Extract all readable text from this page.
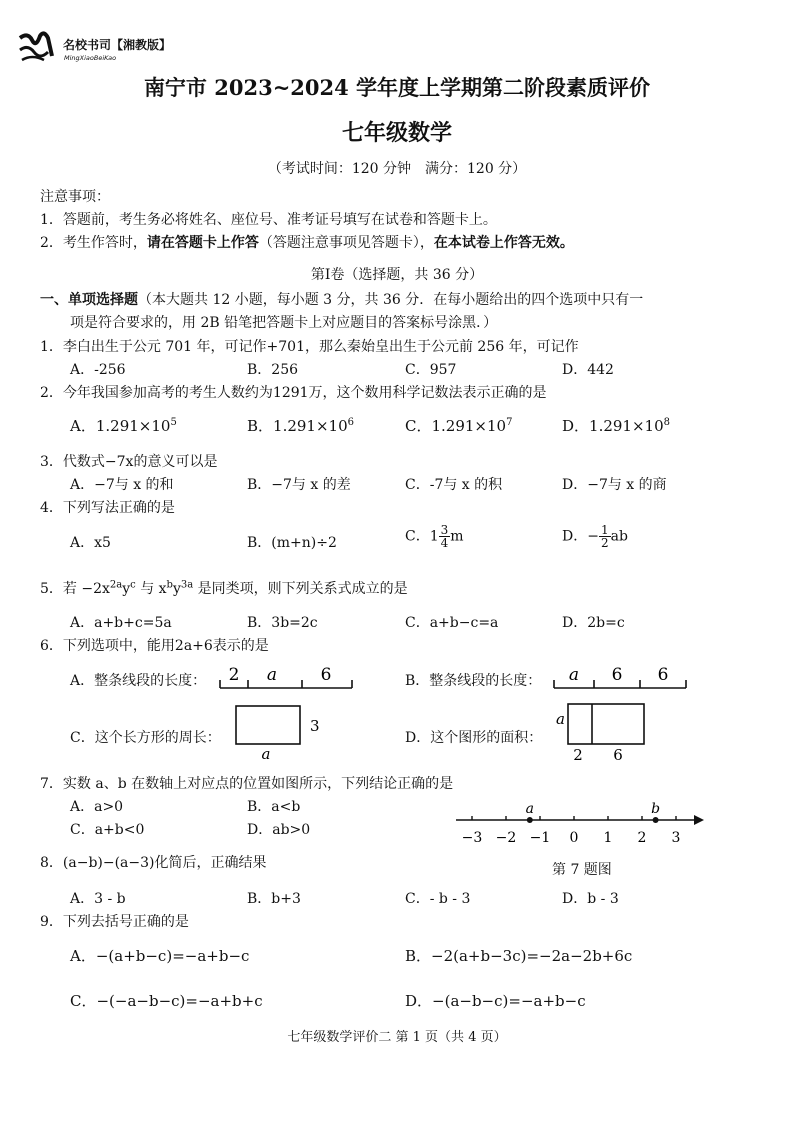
名校书司【湘教版】
MingXiaoBeiKao
南宁市 2023~2024 学年度上学期第二阶段素质评价
七年级数学
（考试时间：120 分钟　满分：120 分）
注意事项：
1．答题前，考生务必将姓名、座位号、准考证号填写在试卷和答题卡上。
2．考生作答时，请在答题卡上作答（答题注意事项见答题卡），在本试卷上作答无效。
第Ⅰ卷（选择题，共 36 分）
一、单项选择题（本大题共 12 小题，每小题 3 分，共 36 分．在每小题给出的四个选项中只有一
项是符合要求的，用 2B 铅笔把答题卡上对应题目的答案标号涂黑．）
1．李白出生于公元 701 年，可记作+701，那么秦始皇出生于公元前 256 年，可记作
A．-256	B．256	C．957	D．442
2．今年我国参加高考的考生人数约为1291万，这个数用科学记数法表示正确的是
A．$1.291\times 10^5$	B．$1.291\times 10^6$	C．$1.291\times 10^7$	D．$1.291\times 10^8$
3．代数式−7x的意义可以是
A．−7与 x 的和	B．−7与 x 的差	C．-7与 x 的积	D．−7与 x 的商
4．下列写法正确的是
A．x5	B．(m+n)÷2	C．$1 \frac{3}{4}$ m	D．− $\frac{1}{2}$ ab
5．若 $-2x^{2a}y^c$ 与 $x^by^{3a}$ 是同类项，则下列关系式成立的是
A．a+b+c=5a	B．3b=2c	C．a+b−c=a	D．2b=c
6．下列选项中，能用2a+6表示的是
A．整条线段的长度： 2 a	6	B．整条线段的长度： a 6 6
C．这个长方形的周长：
3
a
D．这个图形的面积：
a
2 6
7．实数 a、b 在数轴上对应点的位置如图所示，下列结论正确的是
A．a>0	B．a<b
C．a+b<0	D．ab>0	−3 −2 −1 0 1 2 3
a	b
第 7 题图
8．(a−b)−(a−3)化简后，正确结果
A．3 - b	B．b+3	C．- b - 3	D．b - 3
9．下列去括号正确的是
A．−(a+b−c)=−a+b−c	B．−2(a+b−3c)=−2a−2b+6c
C．−(−a−b−c)=−a+b+c	D．−(a−b−c)=−a+b−c
七年级数学评价二 第 1 页（共 4 页）
